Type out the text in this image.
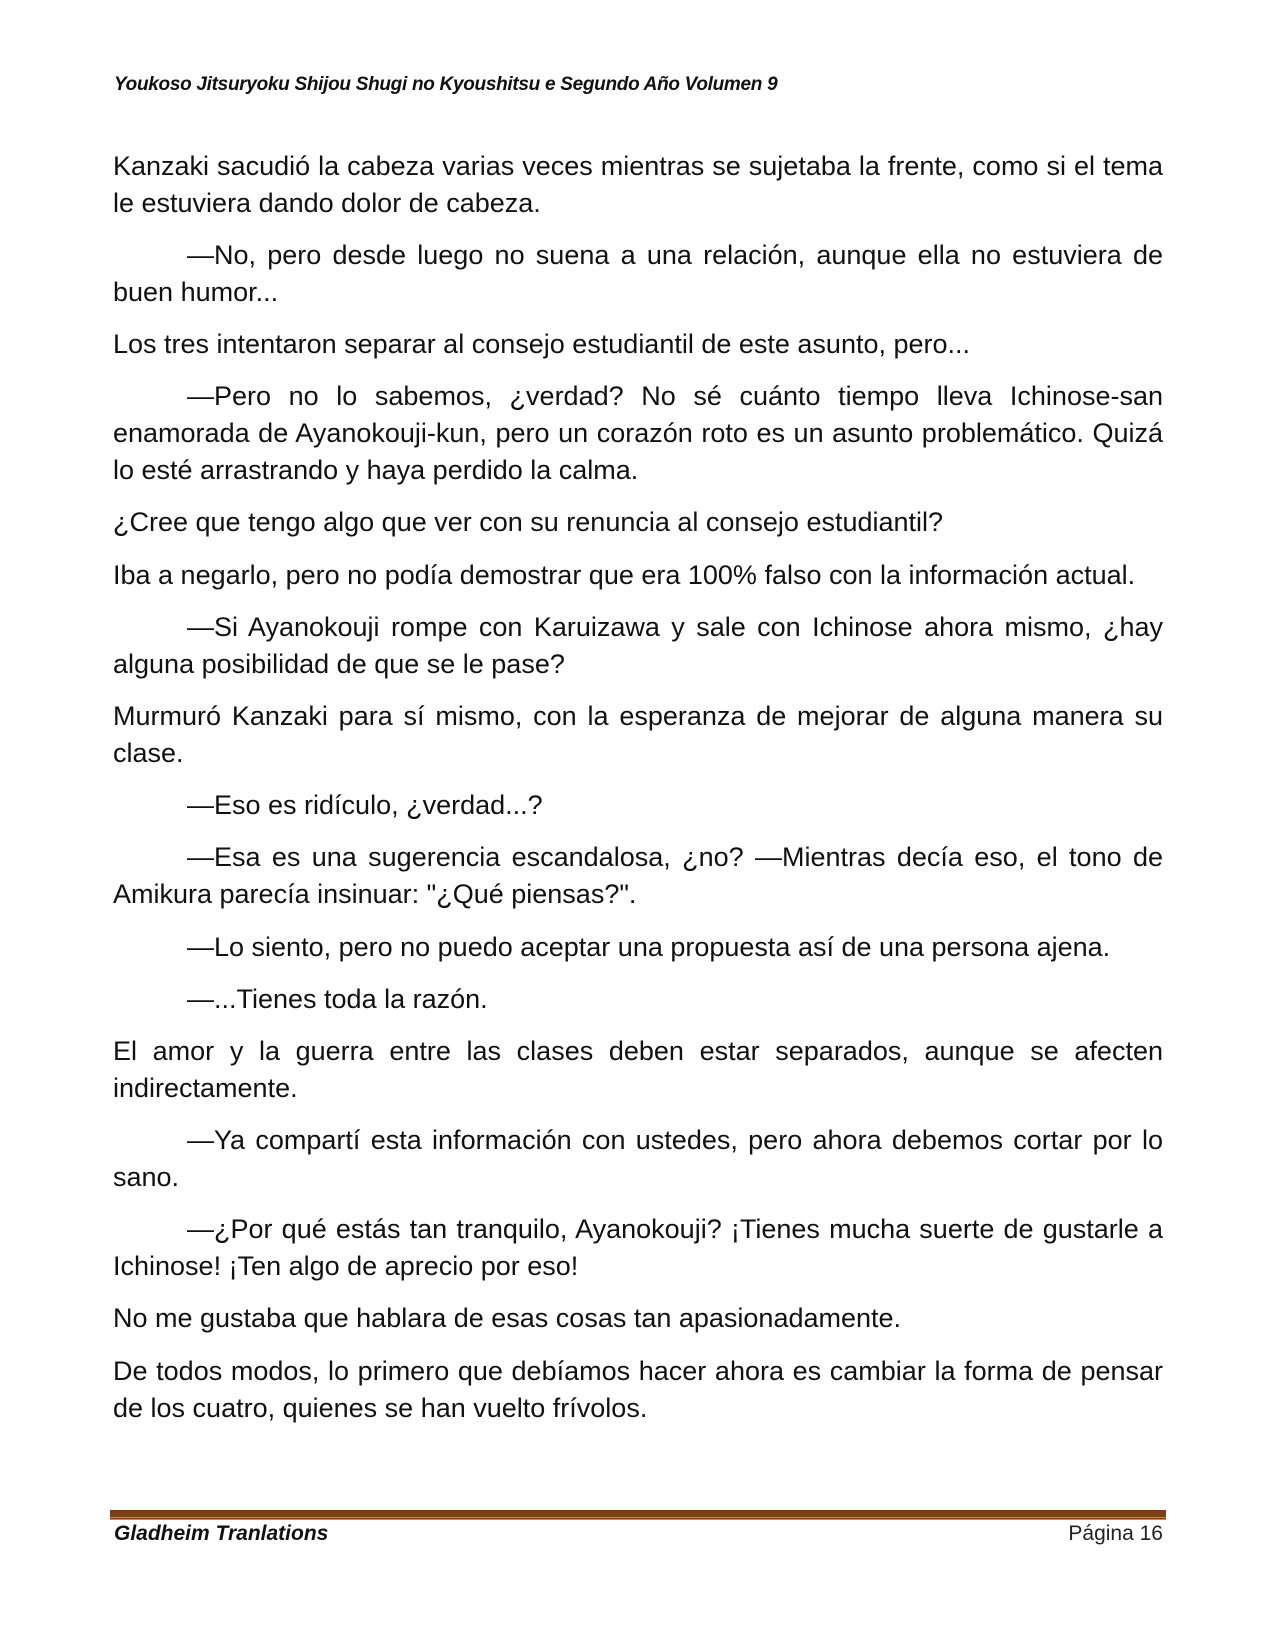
Youkoso Jitsuryoku Shijou Shugi no Kyoushitsu e Segundo Año Volumen 9

Kanzaki sacudió la cabeza varias veces mientras se sujetaba la frente, como si el tema le estuviera dando dolor de cabeza.

—No, pero desde luego no suena a una relación, aunque ella no estuviera de buen humor...

Los tres intentaron separar al consejo estudiantil de este asunto, pero...

—Pero no lo sabemos, ¿verdad? No sé cuánto tiempo lleva Ichinose-san enamorada de Ayanokouji-kun, pero un corazón roto es un asunto problemático. Quizá lo esté arrastrando y haya perdido la calma.

¿Cree que tengo algo que ver con su renuncia al consejo estudiantil?

Iba a negarlo, pero no podía demostrar que era 100% falso con la información actual.

—Si Ayanokouji rompe con Karuizawa y sale con Ichinose ahora mismo, ¿hay alguna posibilidad de que se le pase?

Murmuró Kanzaki para sí mismo, con la esperanza de mejorar de alguna manera su clase.

—Eso es ridículo, ¿verdad...?

—Esa es una sugerencia escandalosa, ¿no? —Mientras decía eso, el tono de Amikura parecía insinuar: "¿Qué piensas?".

—Lo siento, pero no puedo aceptar una propuesta así de una persona ajena.

—...Tienes toda la razón.

El amor y la guerra entre las clases deben estar separados, aunque se afecten indirectamente.

—Ya compartí esta información con ustedes, pero ahora debemos cortar por lo sano.

—¿Por qué estás tan tranquilo, Ayanokouji? ¡Tienes mucha suerte de gustarle a Ichinose! ¡Ten algo de aprecio por eso!

No me gustaba que hablara de esas cosas tan apasionadamente.

De todos modos, lo primero que debíamos hacer ahora es cambiar la forma de pensar de los cuatro, quienes se han vuelto frívolos.

Gladheim Tranlations	Página 16
